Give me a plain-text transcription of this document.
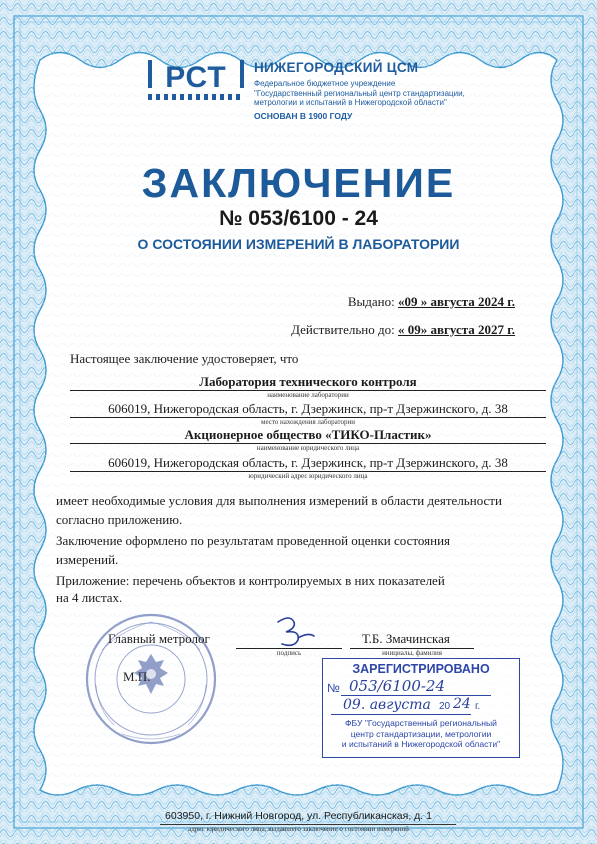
РСТ НИЖЕГОРОДСКИЙ ЦСМ
Федеральное бюджетное учреждение
"Государственный региональный центр стандартизации,
метрологии и испытаний в Нижегородской области"
ОСНОВАН В 1900 ГОДУ
ЗАКЛЮЧЕНИЕ
№ 053/6100 - 24
О СОСТОЯНИИ ИЗМЕРЕНИЙ В ЛАБОРАТОРИИ
Выдано: «09 » августа 2024 г.
Действительно до: « 09» августа 2027 г.
Настоящее заключение удостоверяет, что
Лаборатория технического контроля
наименование лаборатории
606019, Нижегородская область, г. Дзержинск, пр-т Дзержинского, д. 38
место нахождения лаборатории
Акционерное общество «ТИКО-Пластик»
наименование юридического лица
606019, Нижегородская область, г. Дзержинск, пр-т Дзержинского, д. 38
юридический адрес юридического лица
имеет необходимые условия для выполнения измерений в области деятельности
согласно приложению.
Заключение оформлено по результатам проведенной оценки состояния
измерений.
Приложение: перечень объектов и контролируемых в них показателей
на 4 листах.
М.П.
Главный метролог
подпись
Т.Б. Змачинская
инициалы, фамилия
ЗАРЕГИСТРИРОВАНО
№ 053/6100-24
09. августа 20 24 г.
ФБУ "Государственный региональный
центр стандартизации, метрологии
и испытаний в Нижегородской области"
603950, г. Нижний Новгород, ул. Республиканская, д. 1
адрес юридического лица, выдавшего заключение о состоянии измерений
